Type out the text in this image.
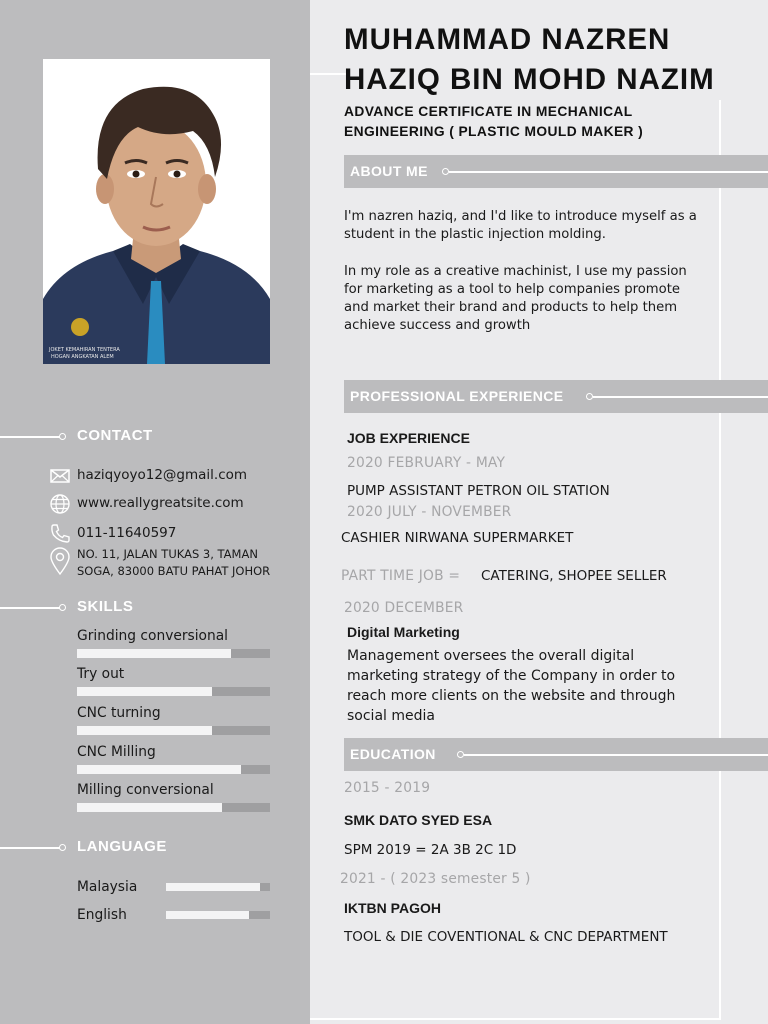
JOKET KEMAHIRAN TENTERA
HOGAN ANGKATAN ALEM
CONTACT
haziqyoyo12@gmail.com
www.reallygreatsite.com
011-11640597
NO. 11, JALAN TUKAS 3, TAMAN SOGA, 83000 BATU PAHAT JOHOR
SKILLS
Grinding conversional
Try out
CNC turning
CNC Milling
Milling conversional
LANGUAGE
Malaysia
English
MUHAMMAD NAZREN
HAZIQ BIN MOHD NAZIM
ADVANCE CERTIFICATE IN MECHANICAL
ENGINEERING ( PLASTIC MOULD MAKER )
ABOUT ME
I'm nazren haziq, and I'd like to introduce myself as a student in the plastic injection molding.
In my role as a creative machinist, I use my passion for marketing as a tool to help companies promote and market their brand and products to help them achieve success and growth
PROFESSIONAL EXPERIENCE
JOB EXPERIENCE
2020 FEBRUARY - MAY
PUMP ASSISTANT PETRON OIL STATION
2020 JULY - NOVEMBER
CASHIER NIRWANA SUPERMARKET
PART TIME JOB = CATERING, SHOPEE SELLER
2020 DECEMBER
Digital Marketing
Management oversees the overall digital marketing strategy of the Company in order to reach more clients on the website and through social media
EDUCATION
2015 - 2019
SMK DATO SYED ESA
SPM 2019 = 2A 3B 2C 1D
2021 - ( 2023 semester 5 )
IKTBN PAGOH
TOOL & DIE COVENTIONAL & CNC DEPARTMENT
